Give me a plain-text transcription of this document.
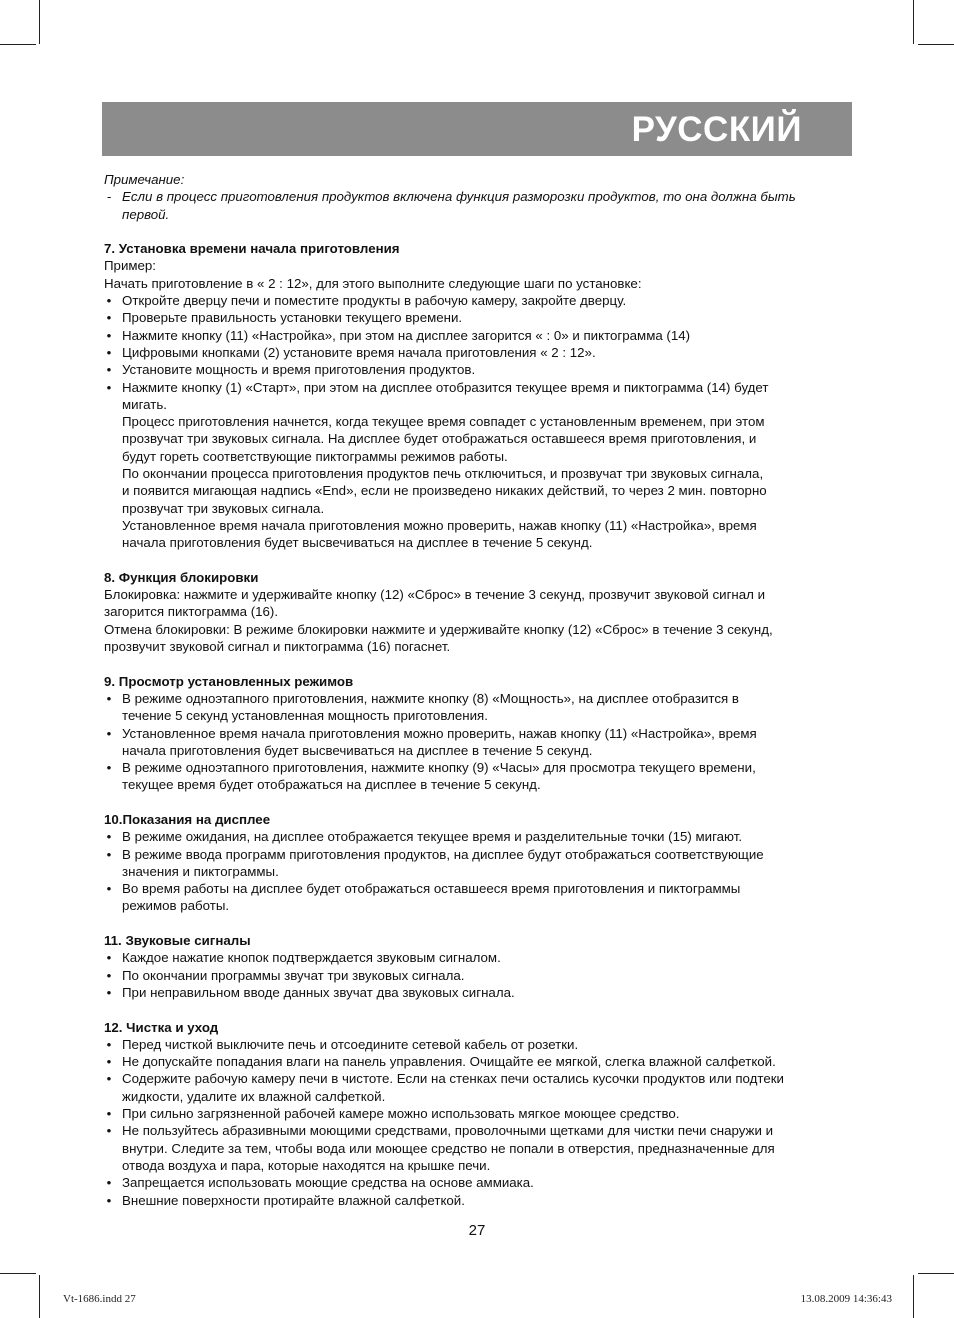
РУССКИЙ
Примечание:
- Если в процесс приготовления продуктов включена функция разморозки продуктов, то она должна быть
первой.
7. Установка времени начала приготовления
Пример:
Начать приготовление в « 2 : 12», для этого выполните следующие шаги по установке:
• Откройте дверцу печи и поместите продукты в рабочую камеру, закройте дверцу.
• Проверьте правильность установки текущего времени.
• Нажмите кнопку (11) «Настройка», при этом на дисплее загорится « : 0» и пиктограмма (14)
• Цифровыми кнопками (2) установите время начала приготовления « 2 : 12».
• Установите мощность и время приготовления продуктов.
• Нажмите кнопку (1) «Старт», при этом на дисплее отобразится текущее время и пиктограмма (14) будет
мигать.
Процесс приготовления начнется, когда текущее время совпадет с установленным временем, при этом
прозвучат три звуковых сигнала. На дисплее будет отображаться оставшееся время приготовления, и
будут гореть соответствующие пиктограммы режимов работы.
По окончании процесса приготовления продуктов печь отключиться, и прозвучат три звуковых сигнала,
и появится мигающая надпись «End», если не произведено никаких действий, то через 2 мин. повторно
прозвучат три звуковых сигнала.
Установленное время начала приготовления можно проверить, нажав кнопку (11) «Настройка», время
начала приготовления будет высвечиваться на дисплее в течение 5 секунд.
8. Функция блокировки
Блокировка: нажмите и удерживайте кнопку (12) «Сброс» в течение 3 секунд, прозвучит звуковой сигнал и
загорится пиктограмма (16).
Отмена блокировки: В режиме блокировки нажмите и удерживайте кнопку (12) «Сброс» в течение 3 секунд,
прозвучит звуковой сигнал и пиктограмма (16) погаснет.
9. Просмотр установленных режимов
• В режиме одноэтапного приготовления, нажмите кнопку (8) «Мощность», на дисплее отобразится в
течение 5 секунд установленная мощность приготовления.
• Установленное время начала приготовления можно проверить, нажав кнопку (11) «Настройка», время
начала приготовления будет высвечиваться на дисплее в течение 5 секунд.
• В режиме одноэтапного приготовления, нажмите кнопку (9) «Часы» для просмотра текущего времени,
текущее время будет отображаться на дисплее в течение 5 секунд.
10.Показания на дисплее
• В режиме ожидания, на дисплее отображается текущее время и разделительные точки (15) мигают.
• В режиме ввода программ приготовления продуктов, на дисплее будут отображаться соответствующие
значения и пиктограммы.
• Во время работы на дисплее будет отображаться оставшееся время приготовления и пиктограммы
режимов работы.
11. Звуковые сигналы
• Каждое нажатие кнопок подтверждается звуковым сигналом.
• По окончании программы звучат три звуковых сигнала.
• При неправильном вводе данных звучат два звуковых сигнала.
12. Чистка и уход
• Перед чисткой выключите печь и отсоедините сетевой кабель от розетки.
• Не допускайте попадания влаги на панель управления. Очищайте ее мягкой, слегка влажной салфеткой.
• Содержите рабочую камеру печи в чистоте. Если на стенках печи остались кусочки продуктов или подтеки
жидкости, удалите их влажной салфеткой.
• При сильно загрязненной рабочей камере можно использовать мягкое моющее средство.
• Не пользуйтесь абразивными моющими средствами, проволочными щетками для чистки печи снаружи и
внутри. Следите за тем, чтобы вода или моющее средство не попали в отверстия, предназначенные для
отвода воздуха и пара, которые находятся на крышке печи.
• Запрещается использовать моющие средства на основе аммиака.
• Внешние поверхности протирайте влажной салфеткой.
27
Vt-1686.indd 27	13.08.2009 14:36:43
